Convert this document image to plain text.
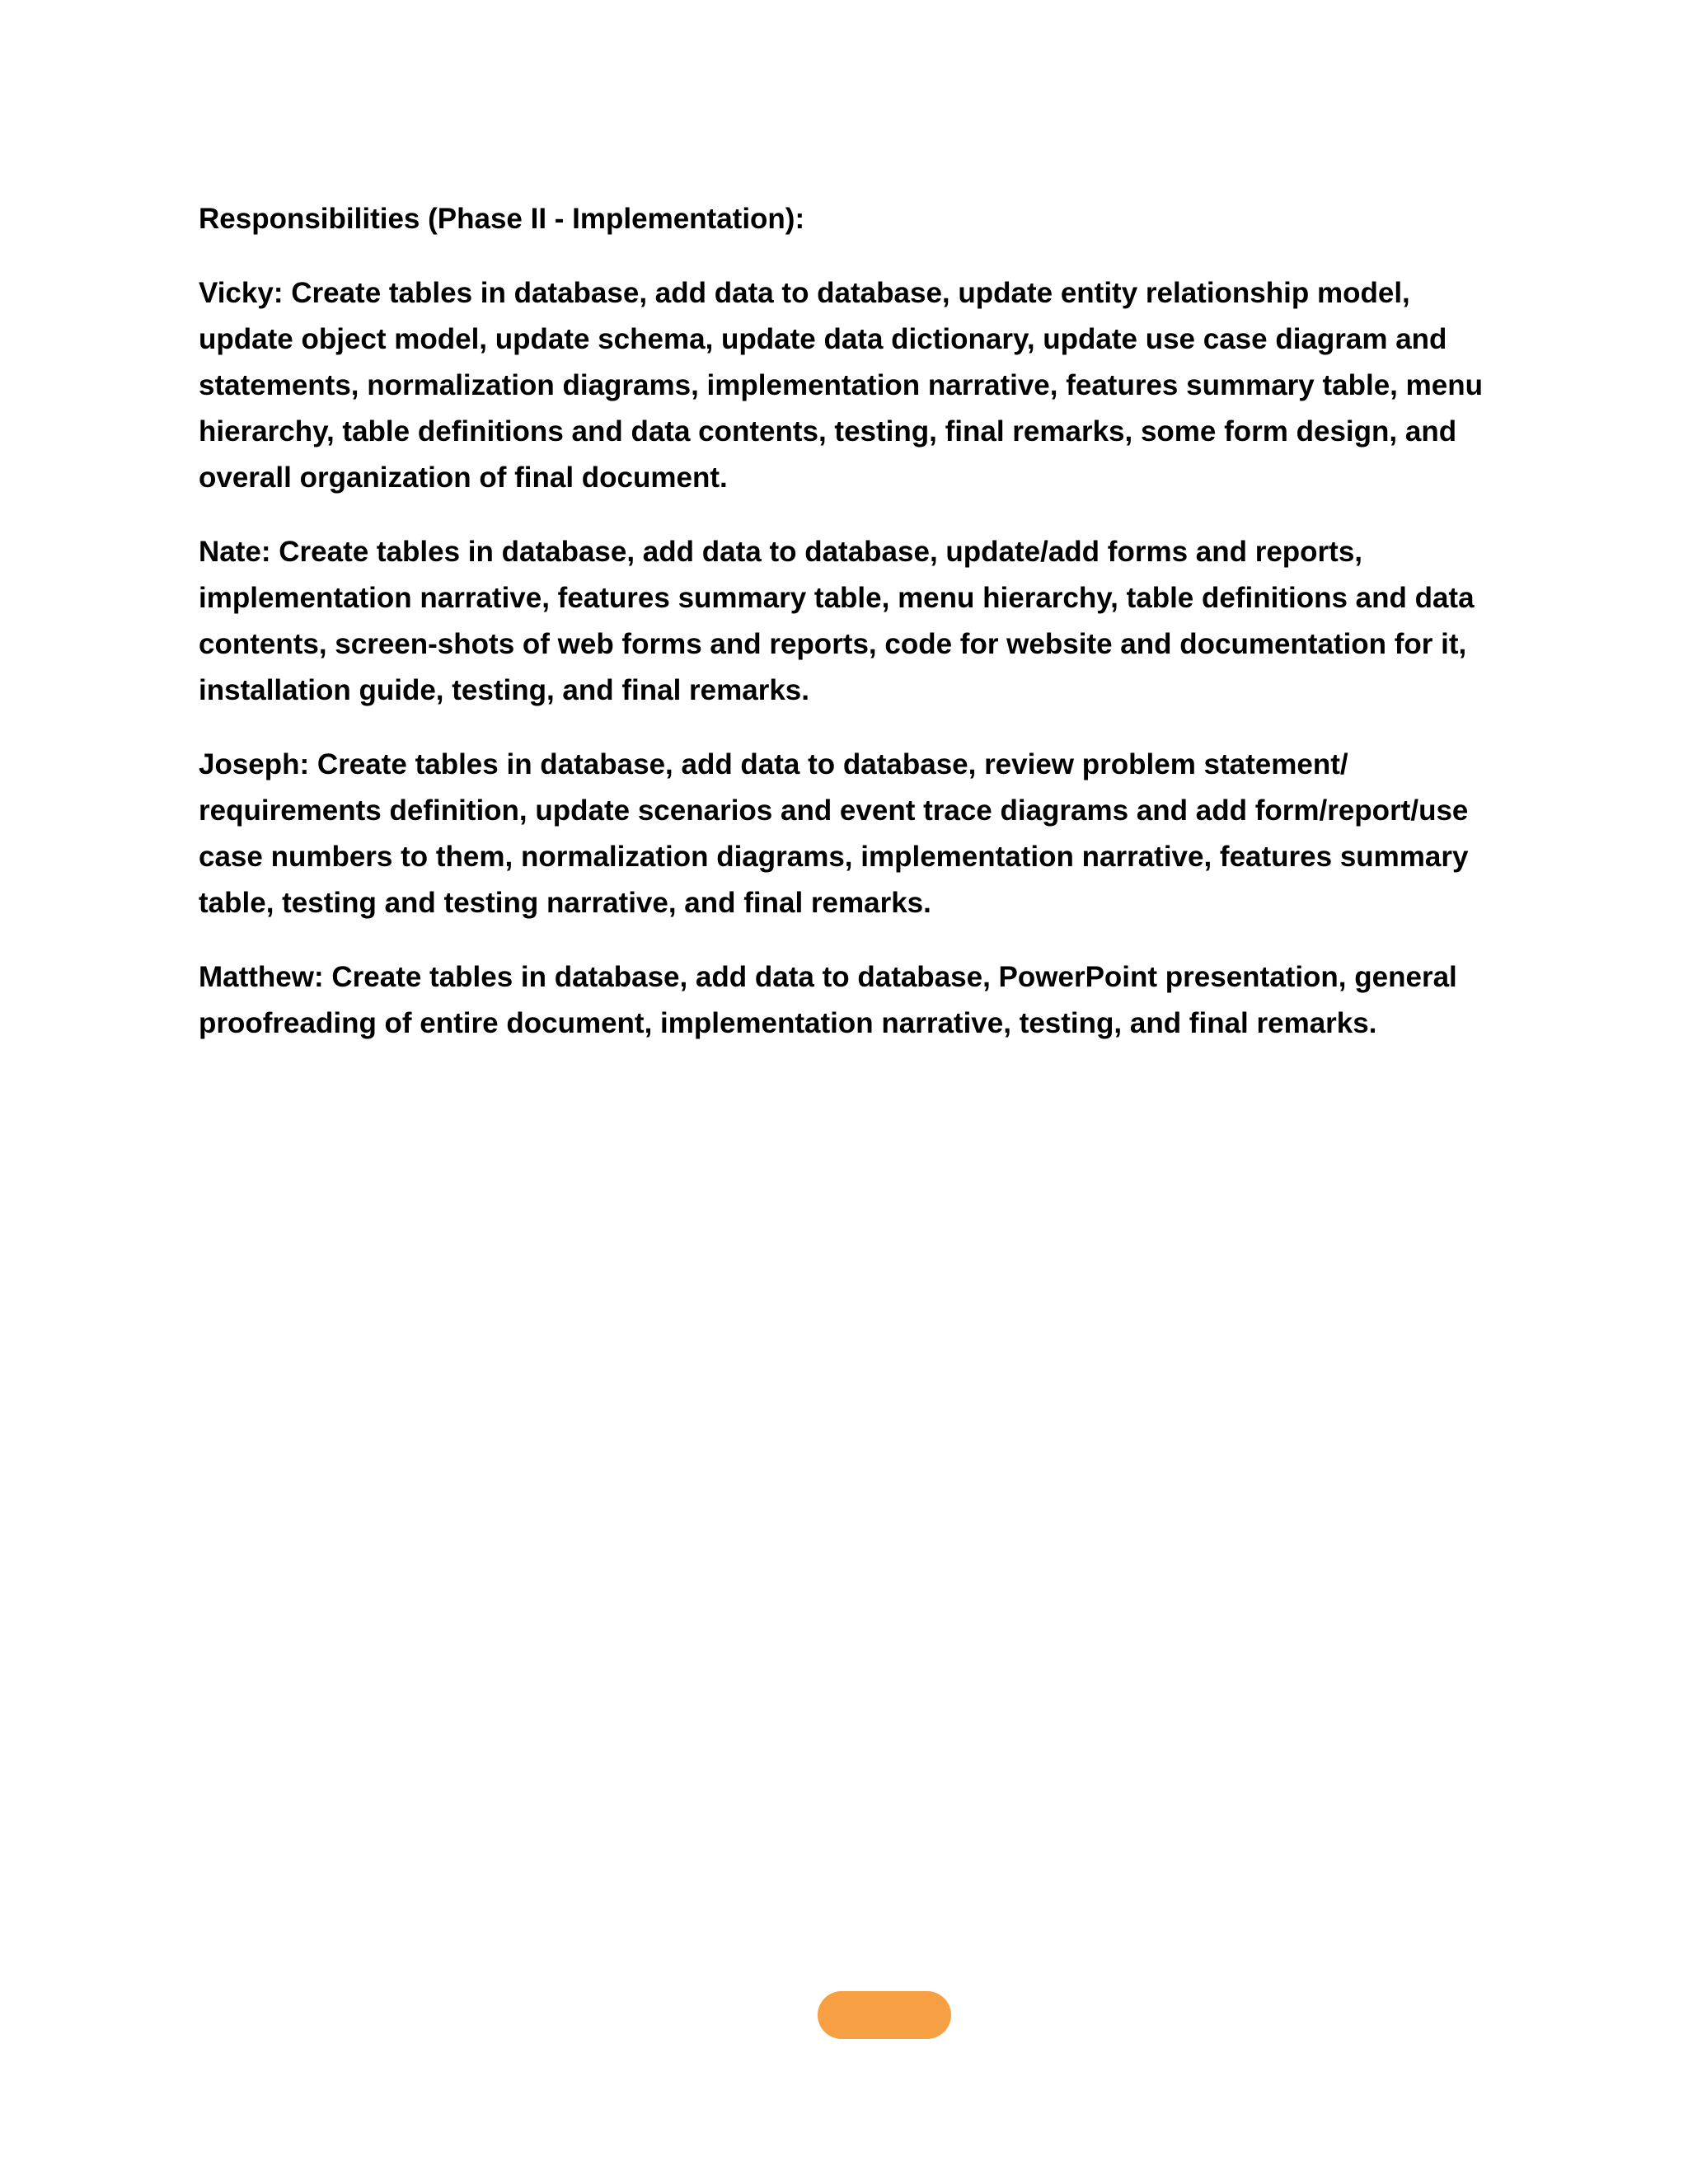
Responsibilities (Phase II - Implementation):

Vicky: Create tables in database, add data to database, update entity relationship model, update object model, update schema, update data dictionary, update use case diagram and statements, normalization diagrams, implementation narrative, features summary table, menu hierarchy, table definitions and data contents, testing, final remarks, some form design, and overall organization of final document.

Nate: Create tables in database, add data to database, update/add forms and reports, implementation narrative, features summary table, menu hierarchy, table definitions and data contents, screen-shots of web forms and reports, code for website and documentation for it, installation guide, testing, and final remarks.

Joseph: Create tables in database, add data to database, review problem statement/ requirements definition, update scenarios and event trace diagrams and add form/report/use case numbers to them, normalization diagrams, implementation narrative, features summary table, testing and testing narrative, and final remarks.

Matthew: Create tables in database, add data to database, PowerPoint presentation, general proofreading of entire document, implementation narrative, testing, and final remarks.
